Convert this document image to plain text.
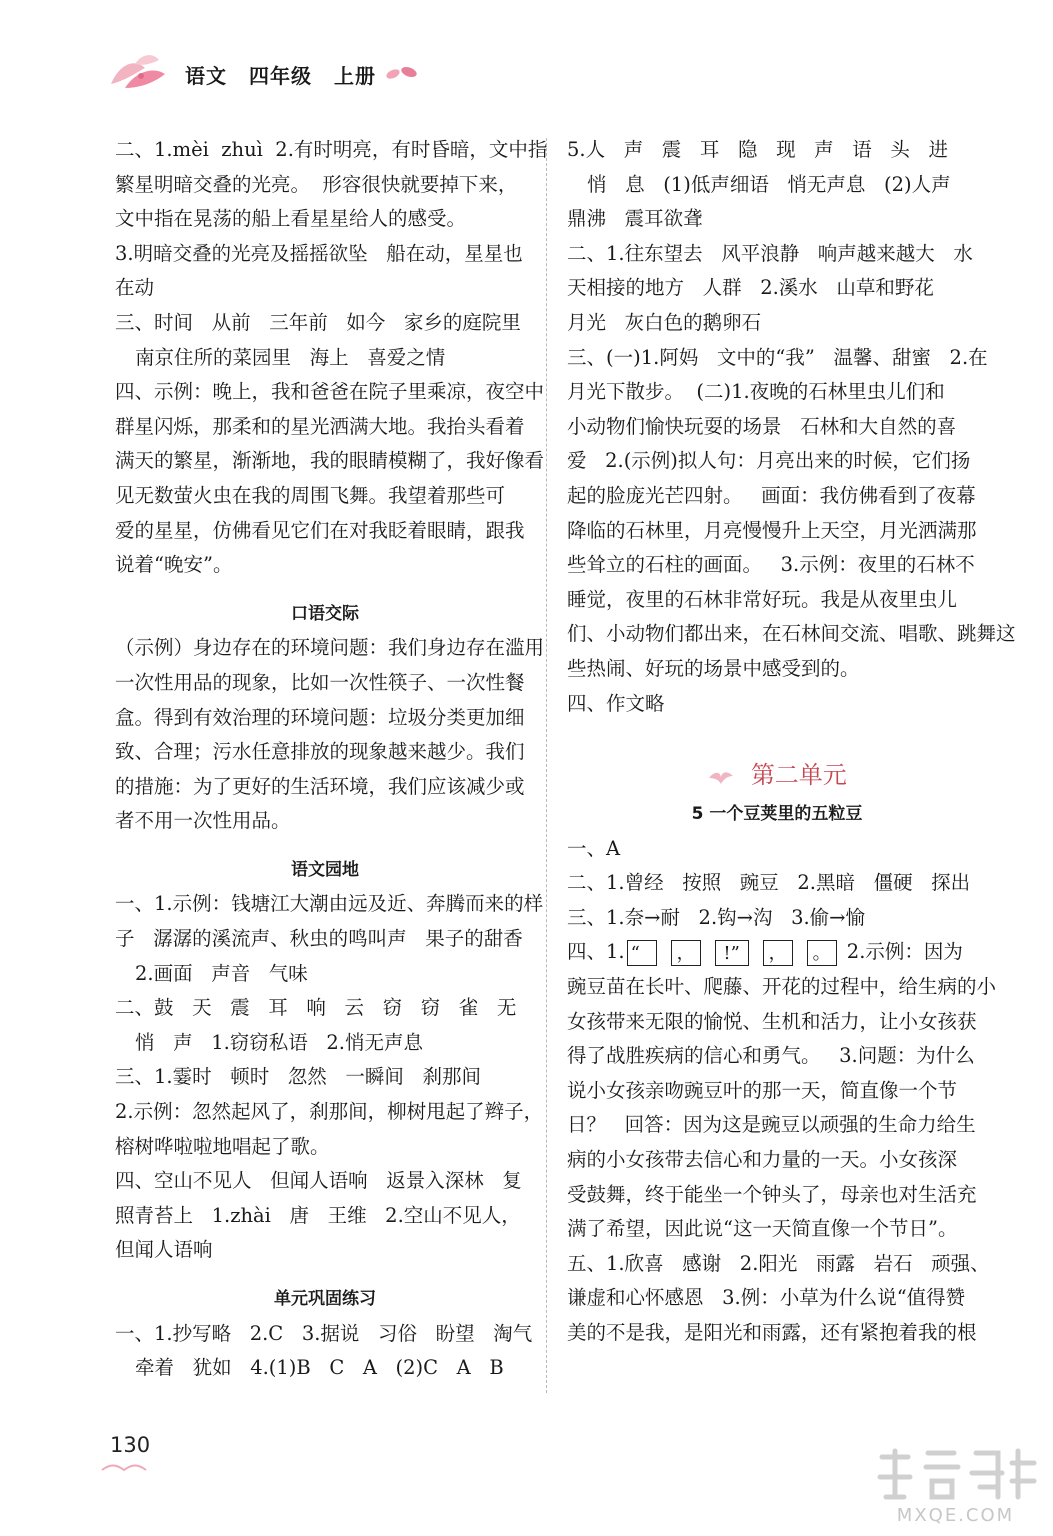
语文 四年级 上册
二、1.mèi  zhuì  2.有时明亮，有时昏暗，文中指
繁星明暗交叠的光亮。  形容很快就要掉下来，
文中指在晃荡的船上看星星给人的感受。
3.明暗交叠的光亮及摇摇欲坠   船在动，星星也
在动
三、时间   从前   三年前   如今   家乡的庭院里
南京住所的菜园里   海上   喜爱之情
四、示例：晚上，我和爸爸在院子里乘凉，夜空中
群星闪烁，那柔和的星光洒满大地。我抬头看着
满天的繁星，渐渐地，我的眼睛模糊了，我好像看
见无数萤火虫在我的周围飞舞。我望着那些可
爱的星星，仿佛看见它们在对我眨着眼睛，跟我
说着“晚安”。
口语交际
（示例）身边存在的环境问题：我们身边存在滥用
一次性用品的现象，比如一次性筷子、一次性餐
盒。得到有效治理的环境问题：垃圾分类更加细
致、合理；污水任意排放的现象越来越少。我们
的措施：为了更好的生活环境，我们应该减少或
者不用一次性用品。
语文园地
一、1.示例：钱塘江大潮由远及近、奔腾而来的样
子   潺潺的溪流声、秋虫的鸣叫声   果子的甜香
2.画面   声音   气味
二、鼓   天   震   耳   响   云   窃   窃   雀   无
悄   声   1.窃窃私语   2.悄无声息
三、1.霎时   顿时   忽然   一瞬间   刹那间
2.示例：忽然起风了，刹那间，柳树甩起了辫子，
榕树哗啦啦地唱起了歌。
四、空山不见人   但闻人语响   返景入深林   复
照青苔上   1.zhài   唐   王维   2.空山不见人，
但闻人语响
单元巩固练习
一、1.抄写略   2.C   3.据说   习俗   盼望   淘气
牵着   犹如   4.(1)B   C   A   (2)C   A   B
5.人   声   震   耳   隐   现   声   语   头   进
悄   息   (1)低声细语   悄无声息   (2)人声
鼎沸   震耳欲聋
二、1.往东望去   风平浪静   响声越来越大   水
天相接的地方   人群   2.溪水   山草和野花
月光   灰白色的鹅卵石
三、(一)1.阿妈   文中的“我”   温馨、甜蜜   2.在
月光下散步。  (二)1.夜晚的石林里虫儿们和
小动物们愉快玩耍的场景   石林和大自然的喜
爱   2.(示例)拟人句：月亮出来的时候，它们扬
起的脸庞光芒四射。   画面：我仿佛看到了夜幕
降临的石林里，月亮慢慢升上天空，月光洒满那
些耸立的石柱的画面。   3.示例：夜里的石林不
睡觉，夜里的石林非常好玩。我是从夜里虫儿
们、小动物们都出来，在石林间交流、唱歌、跳舞这
些热闹、好玩的场景中感受到的。
四、作文略
第二单元
5 一个豆荚里的五粒豆
一、A
二、1.曾经   按照   豌豆   2.黑暗   僵硬   探出
三、1.奈→耐   2.钩→沟   3.偷→愉
四、1. “	，	!”	，	。 2.示例：因为
豌豆苗在长叶、爬藤、开花的过程中，给生病的小
女孩带来无限的愉悦、生机和活力，让小女孩获
得了战胜疾病的信心和勇气。   3.问题：为什么
说小女孩亲吻豌豆叶的那一天，简直像一个节
日？   回答：因为这是豌豆以顽强的生命力给生
病的小女孩带去信心和力量的一天。小女孩深
受鼓舞，终于能坐一个钟头了，母亲也对生活充
满了希望，因此说“这一天简直像一个节日”。
五、1.欣喜   感谢   2.阳光   雨露   岩石   顽强、
谦虚和心怀感恩   3.例：小草为什么说“值得赞
美的不是我，是阳光和雨露，还有紧抱着我的根
130
MXQE.COM
